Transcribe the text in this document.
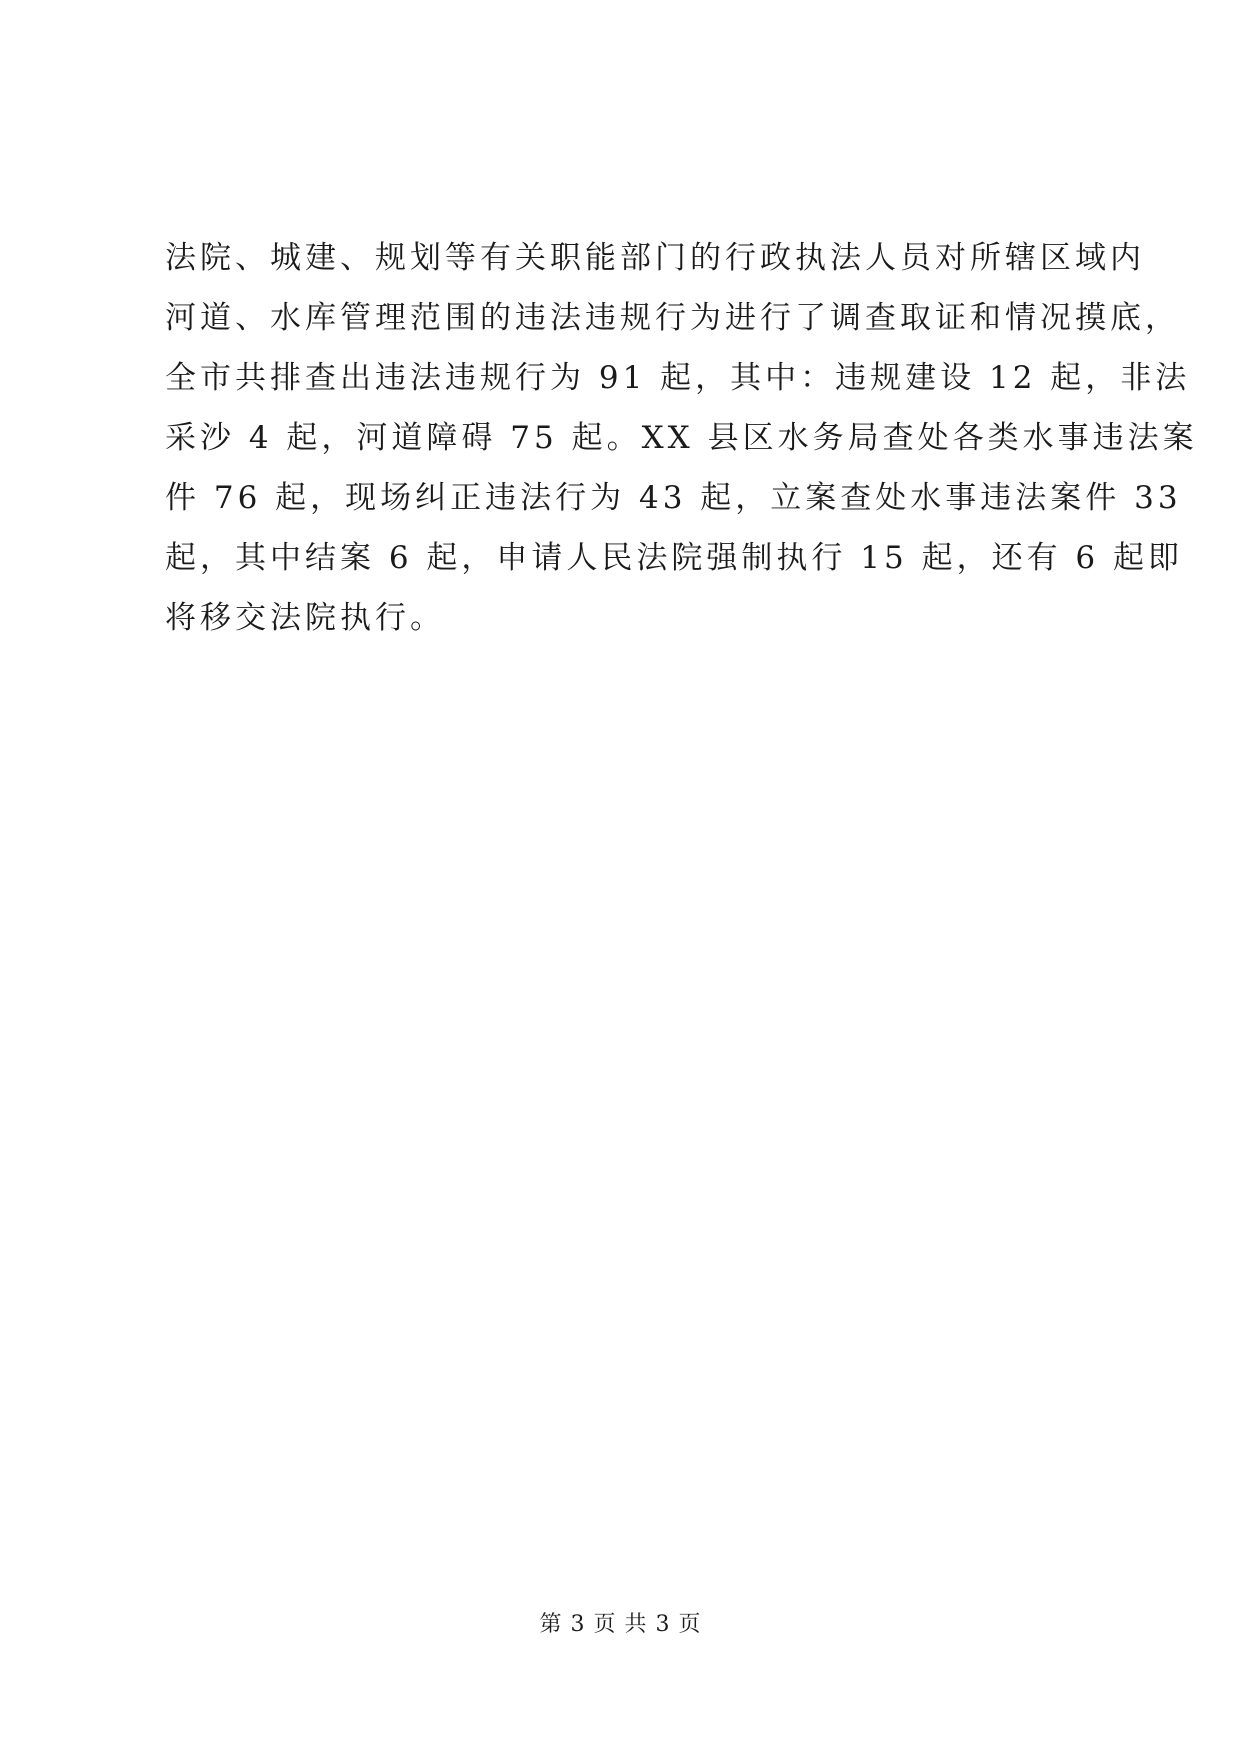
法院、城建、规划等有关职能部门的行政执法人员对所辖区域内
河道、水库管理范围的违法违规行为进行了调查取证和情况摸底，
全市共排查出违法违规行为 91 起，其中：违规建设 12 起，非法
采沙 4 起，河道障碍 75 起。XX 县区水务局查处各类水事违法案
件 76 起，现场纠正违法行为 43 起，立案查处水事违法案件 33
起，其中结案 6 起，申请人民法院强制执行 15 起，还有 6 起即
将移交法院执行。
第 3 页 共 3 页
